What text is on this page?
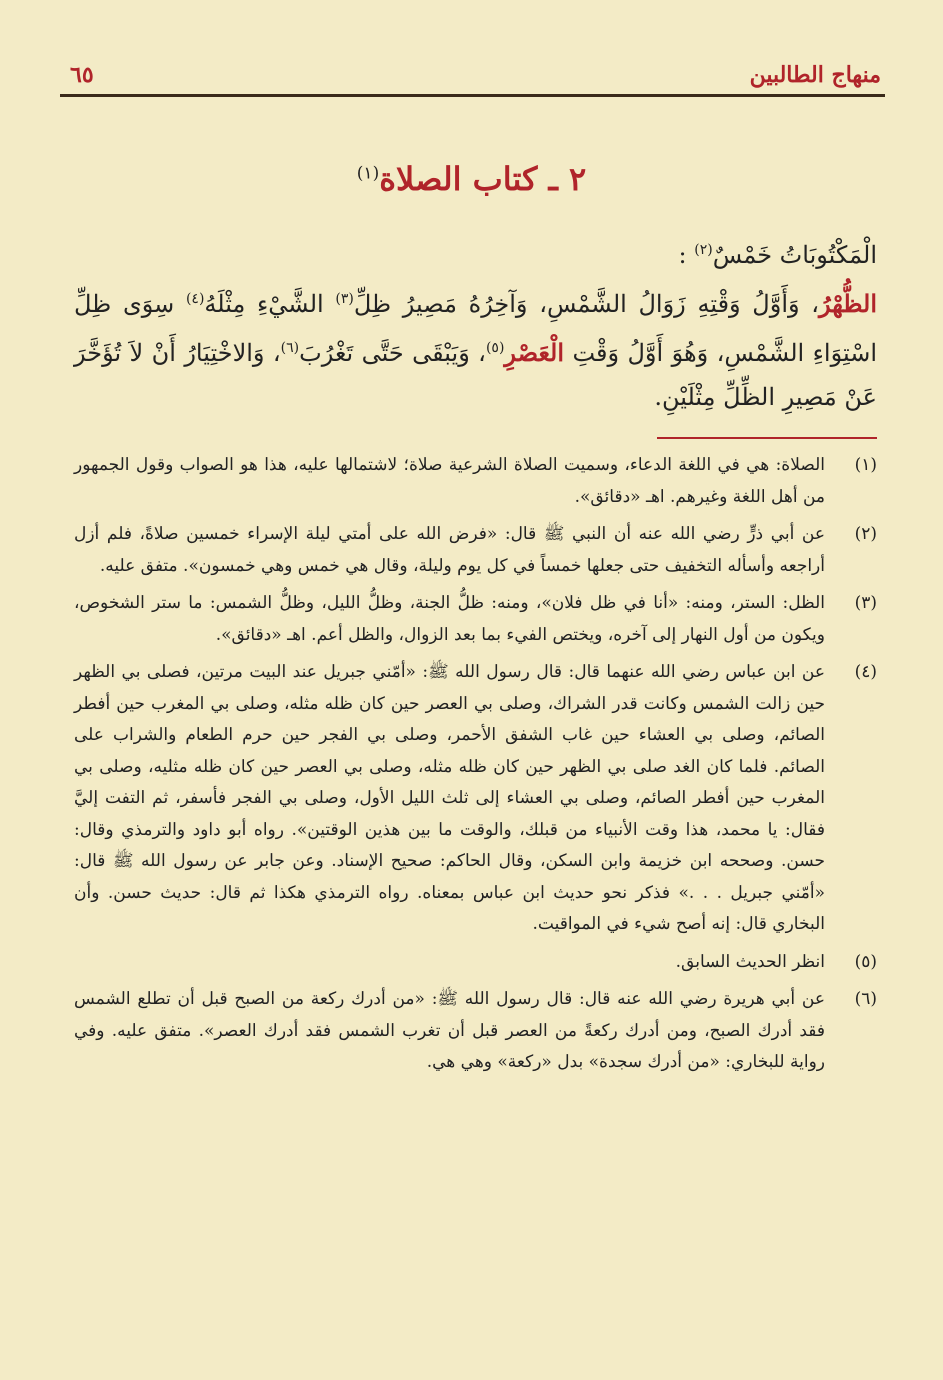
منهاج الطالبين
٦٥
٢ ـ كتاب الصلاة$^{(١)}$

الْمَكْتُوبَاتُ خَمْسٌ$^{(٢)}$ :

الظُّهْرُ، وَأَوَّلُ وَقْتِهِ زَوَالُ الشَّمْسِ، وَآخِرُهُ مَصِيرُ ظِلِّ$^{(٣)}$ الشَّيْءِ مِثْلَهُ$^{(٤)}$ سِوَى ظِلِّ اسْتِوَاءِ الشَّمْسِ، وَهُوَ أَوَّلُ وَقْتِ الْعَصْرِ$^{(٥)}$، وَيَبْقَى حَتَّى تَغْرُبَ$^{(٦)}$، وَالاخْتِيَارُ أَنْ لاَ تُؤَخَّرَ عَنْ مَصِيرِ الظِّلِّ مِثْلَيْنِ.

(١)
الصلاة: هي في اللغة الدعاء، وسميت الصلاة الشرعية صلاة؛ لاشتمالها عليه، هذا هو الصواب وقول الجمهور من أهل اللغة وغيرهم. اهـ «دقائق».
(٢)
عن أبي ذرٍّ رضي الله عنه أن النبي ﷺ قال: «فرض الله على أمتي ليلة الإسراء خمسين صلاةً، فلم أزل أراجعه وأسأله التخفيف حتى جعلها خمساً في كل يوم وليلة، وقال هي خمس وهي خمسون». متفق عليه.
(٣)
الظل: الستر، ومنه: «أنا في ظل فلان»، ومنه: ظلُّ الجنة، وظلُّ الليل، وظلُّ الشمس: ما ستر الشخوص، ويكون من أول النهار إلى آخره، ويختص الفيء بما بعد الزوال، والظل أعم. اهـ «دقائق».
(٤)
عن ابن عباس رضي الله عنهما قال: قال رسول الله ﷺ: «أمّني جبريل عند البيت مرتين، فصلى بي الظهر حين زالت الشمس وكانت قدر الشراك، وصلى بي العصر حين كان ظله مثله، وصلى بي المغرب حين أفطر الصائم، وصلى بي العشاء حين غاب الشفق الأحمر، وصلى بي الفجر حين حرم الطعام والشراب على الصائم. فلما كان الغد صلى بي الظهر حين كان ظله مثله، وصلى بي العصر حين كان ظله مثليه، وصلى بي المغرب حين أفطر الصائم، وصلى بي العشاء إلى ثلث الليل الأول، وصلى بي الفجر فأسفر، ثم التفت إليَّ فقال: يا محمد، هذا وقت الأنبياء من قبلك، والوقت ما بين هذين الوقتين». رواه أبو داود والترمذي وقال: حسن. وصححه ابن خزيمة وابن السكن، وقال الحاكم: صحيح الإسناد. وعن جابر عن رسول الله ﷺ قال: «أمّني جبريل . . .» فذكر نحو حديث ابن عباس بمعناه. رواه الترمذي هكذا ثم قال: حديث حسن. وأن البخاري قال: إنه أصح شيء في المواقيت.
(٥)
انظر الحديث السابق.
(٦)
عن أبي هريرة رضي الله عنه قال: قال رسول الله ﷺ: «من أدرك ركعة من الصبح قبل أن تطلع الشمس فقد أدرك الصبح، ومن أدرك ركعةً من العصر قبل أن تغرب الشمس فقد أدرك العصر». متفق عليه. وفي رواية للبخاري: «من أدرك سجدة» بدل «ركعة» وهي هي.
